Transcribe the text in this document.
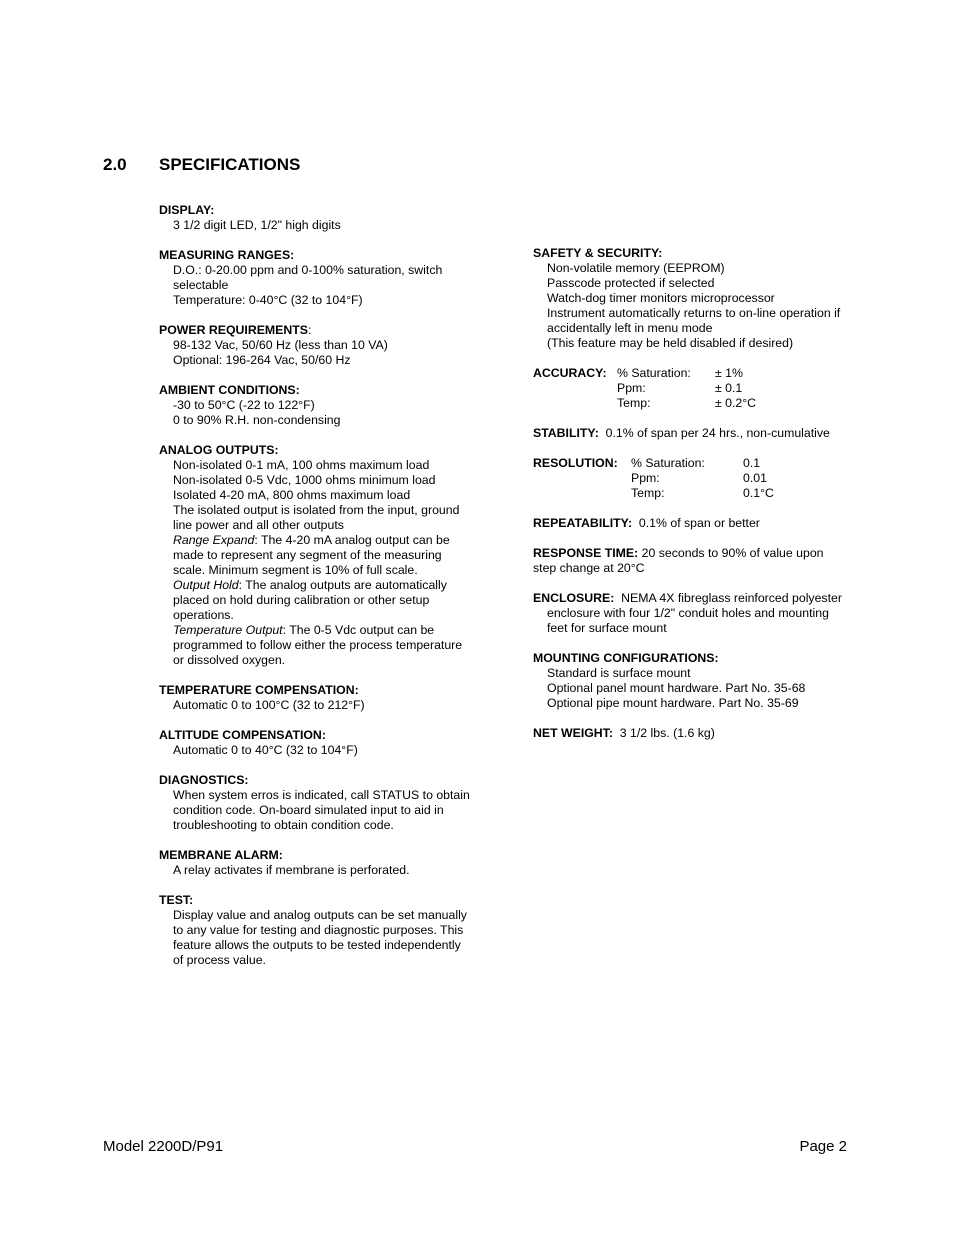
2.0 SPECIFICATIONS
DISPLAY:
3 1/2 digit LED, 1/2" high digits
MEASURING RANGES:
D.O.: 0-20.00 ppm and 0-100% saturation, switch
selectable
Temperature: 0-40°C (32 to 104°F)
POWER REQUIREMENTS:
98-132 Vac, 50/60 Hz (less than 10 VA)
Optional: 196-264 Vac, 50/60 Hz
AMBIENT CONDITIONS:
-30 to 50°C (-22 to 122°F)
0 to 90% R.H. non-condensing
ANALOG OUTPUTS:
Non-isolated 0-1 mA, 100 ohms maximum load
Non-isolated 0-5 Vdc, 1000 ohms minimum load
Isolated 4-20 mA, 800 ohms maximum load
The isolated output is isolated from the input, ground
line power and all other outputs
Range Expand: The 4-20 mA analog output can be
made to represent any segment of the measuring
scale. Minimum segment is 10% of full scale.
Output Hold: The analog outputs are automatically
placed on hold during calibration or other setup
operations.
Temperature Output: The 0-5 Vdc output can be
programmed to follow either the process temperature
or dissolved oxygen.
TEMPERATURE COMPENSATION:
Automatic 0 to 100°C (32 to 212°F)
ALTITUDE COMPENSATION:
Automatic 0 to 40°C (32 to 104°F)
DIAGNOSTICS:
When system erros is indicated, call STATUS to obtain
condition code. On-board simulated input to aid in
troubleshooting to obtain condition code.
MEMBRANE ALARM:
A relay activates if membrane is perforated.
TEST:
Display value and analog outputs can be set manually
to any value for testing and diagnostic purposes. This
feature allows the outputs to be tested independently
of process value.
SAFETY & SECURITY:
Non-volatile memory (EEPROM)
Passcode protected if selected
Watch-dog timer monitors microprocessor
Instrument automatically returns to on-line operation if
accidentally left in menu mode
(This feature may be held disabled if desired)
ACCURACY: % Saturation:	± 1%
Ppm:	± 0.1
Temp:	± 0.2°C
STABILITY: 0.1% of span per 24 hrs., non-cumulative
RESOLUTION:	% Saturation:	0.1
Ppm:	0.01
Temp:	0.1°C
REPEATABILITY: 0.1% of span or better
RESPONSE TIME: 20 seconds to 90% of value upon
step change at 20°C
ENCLOSURE: NEMA 4X fibreglass reinforced polyester
enclosure with four 1/2" conduit holes and mounting
feet for surface mount
MOUNTING CONFIGURATIONS:
Standard is surface mount
Optional panel mount hardware. Part No. 35-68
Optional pipe mount hardware. Part No. 35-69
NET WEIGHT: 3 1/2 lbs. (1.6 kg)
Model 2200D/P91	Page 2
